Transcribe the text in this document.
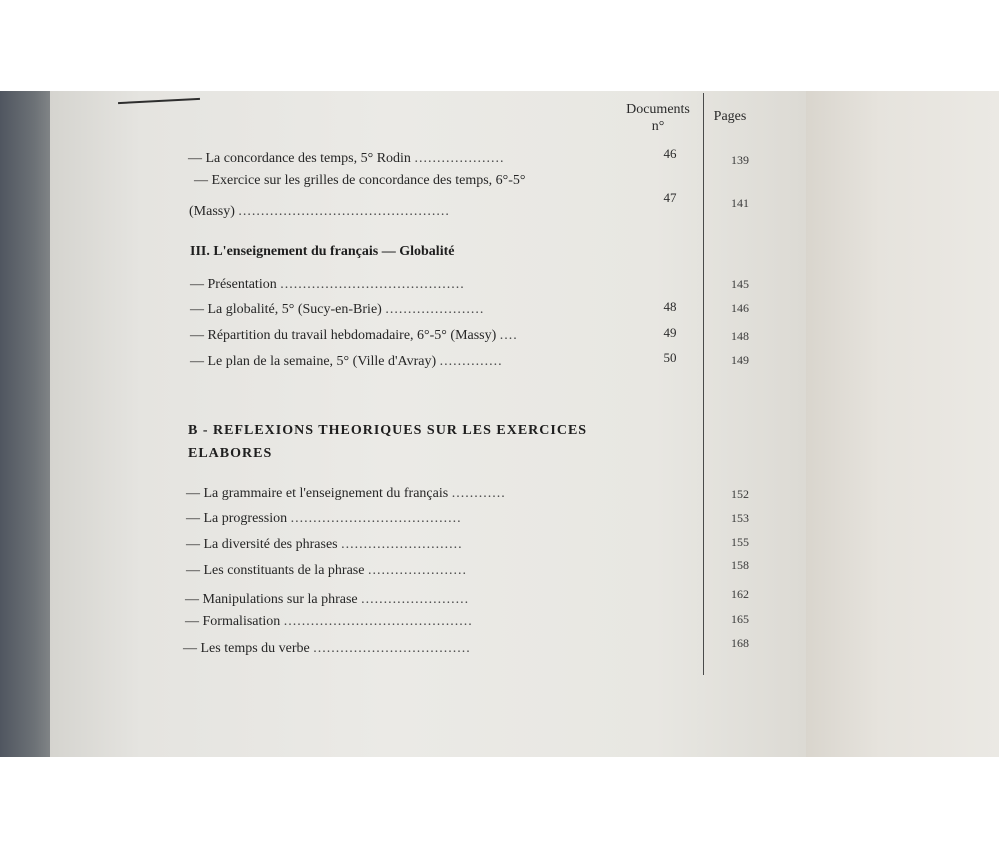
Documents
n°
Pages
— La concordance des temps, 5° Rodin ....................	46	139
— Exercice sur les grilles de concordance des temps, 6°-5°
(Massy) ...............................................
47	141
III. L'enseignement du français — Globalité
— Présentation .........................................	145
— La globalité, 5° (Sucy-en-Brie) ......................	48	146
— Répartition du travail hebdomadaire, 6°-5° (Massy) ....	49	148
— Le plan de la semaine, 5° (Ville d'Avray) ..............	50	149
B - REFLEXIONS THEORIQUES SUR LES EXERCICES
ELABORES
— La grammaire et l'enseignement du français ............	152
— La progression ......................................	153
— La diversité des phrases ...........................	155
— Les constituants de la phrase ......................	158
— Manipulations sur la phrase ........................	162
— Formalisation ..........................................	165
— Les temps du verbe ...................................	168
